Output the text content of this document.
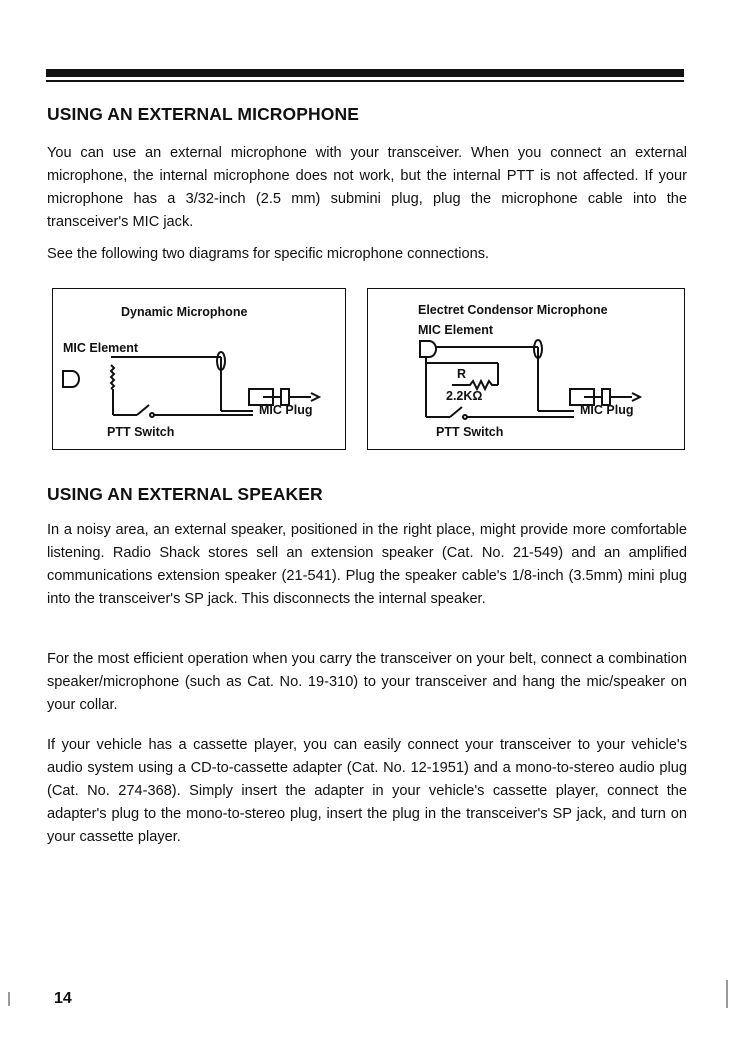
USING AN EXTERNAL MICROPHONE

You can use an external microphone with your transceiver. When you connect an external microphone, the internal microphone does not work, but the internal PTT is not affected. If your microphone has a 3/32-inch (2.5 mm) submini plug, plug the microphone cable into the transceiver's MIC jack.

See the following two diagrams for specific microphone connections.

Dynamic Microphone
MIC Element
MIC Plug
PTT Switch
Electret Condensor Microphone
MIC Element
R
2.2KΩ
MIC Plug
PTT Switch
USING AN EXTERNAL SPEAKER

In a noisy area, an external speaker, positioned in the right place, might provide more comfortable listening. Radio Shack stores sell an extension speaker (Cat. No. 21-549) and an amplified communications extension speaker (21-541). Plug the speaker cable's 1/8-inch (3.5mm) mini plug into the transceiver's SP jack. This disconnects the internal speaker.

For the most efficient operation when you carry the transceiver on your belt, connect a combination speaker/microphone (such as Cat. No. 19-310) to your transceiver and hang the mic/speaker on your collar.

If your vehicle has a cassette player, you can easily connect your transceiver to your vehicle's audio system using a CD-to-cassette adapter (Cat. No. 12-1951) and a mono-to-stereo audio plug (Cat. No. 274-368). Simply insert the adapter in your vehicle's cassette player, connect the adapter's plug to the mono-to-stereo plug, insert the plug in the transceiver's SP jack, and turn on your cassette player.

14
